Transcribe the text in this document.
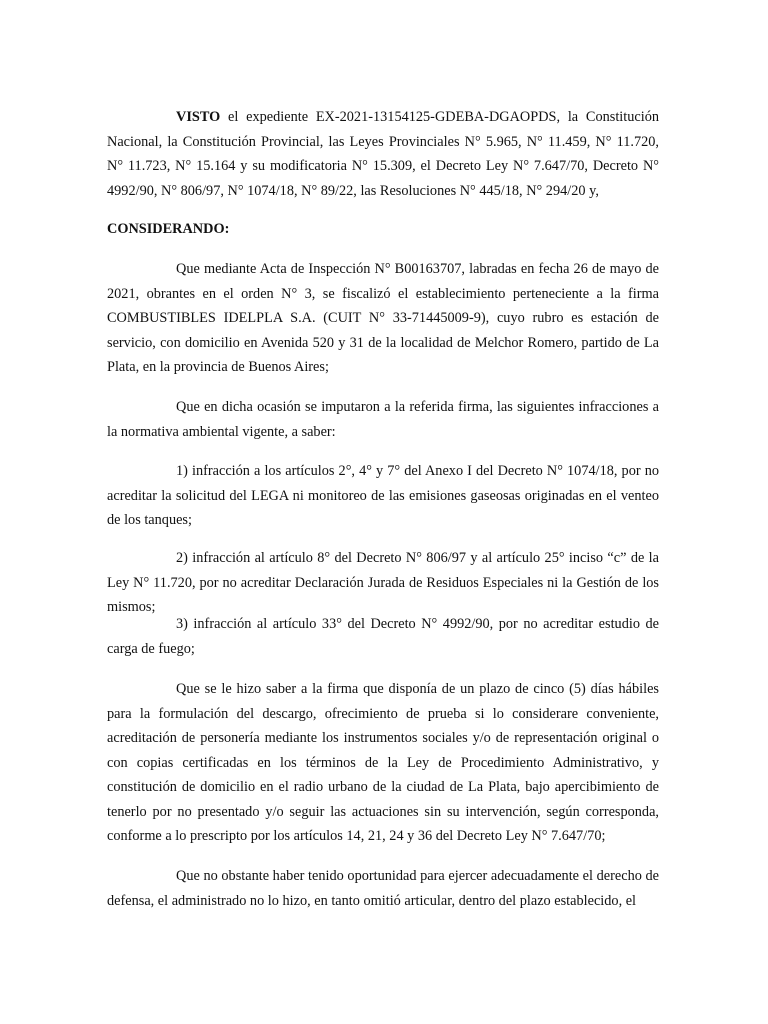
VISTO el expediente EX-2021-13154125-GDEBA-DGAOPDS, la Constitución Nacional, la Constitución Provincial, las Leyes Provinciales N° 5.965, N° 11.459, N° 11.720, N° 11.723, N° 15.164 y su modificatoria N° 15.309, el Decreto Ley N° 7.647/70, Decreto N° 4992/90, N° 806/97, N° 1074/18, N° 89/22, las Resoluciones N° 445/18, N° 294/20 y,

CONSIDERANDO:

Que mediante Acta de Inspección N° B00163707, labradas en fecha 26 de mayo de 2021, obrantes en el orden N° 3, se fiscalizó el establecimiento perteneciente a la firma COMBUSTIBLES IDELPLA S.A. (CUIT N° 33-71445009-9), cuyo rubro es estación de servicio, con domicilio en Avenida 520 y 31 de la localidad de Melchor Romero, partido de La Plata, en la provincia de Buenos Aires;

Que en dicha ocasión se imputaron a la referida firma, las siguientes infracciones a la normativa ambiental vigente, a saber:

1) infracción a los artículos 2°, 4° y 7° del Anexo I del Decreto N° 1074/18, por no acreditar la solicitud del LEGA ni monitoreo de las emisiones gaseosas originadas en el venteo de los tanques;

2) infracción al artículo 8° del Decreto N° 806/97 y al artículo 25° inciso “c” de la Ley N° 11.720, por no acreditar Declaración Jurada de Residuos Especiales ni la Gestión de los mismos;

3) infracción al artículo 33° del Decreto N° 4992/90, por no acreditar estudio de carga de fuego;

Que se le hizo saber a la firma que disponía de un plazo de cinco (5) días hábiles para la formulación del descargo, ofrecimiento de prueba si lo considerare conveniente, acreditación de personería mediante los instrumentos sociales y/o de representación original o con copias certificadas en los términos de la Ley de Procedimiento Administrativo, y constitución de domicilio en el radio urbano de la ciudad de La Plata, bajo apercibimiento de tenerlo por no presentado y/o seguir las actuaciones sin su intervención, según corresponda, conforme a lo prescripto por los artículos 14, 21, 24 y 36 del Decreto Ley N° 7.647/70;

Que no obstante haber tenido oportunidad para ejercer adecuadamente el derecho de defensa, el administrado no lo hizo, en tanto omitió articular, dentro del plazo establecido, el
